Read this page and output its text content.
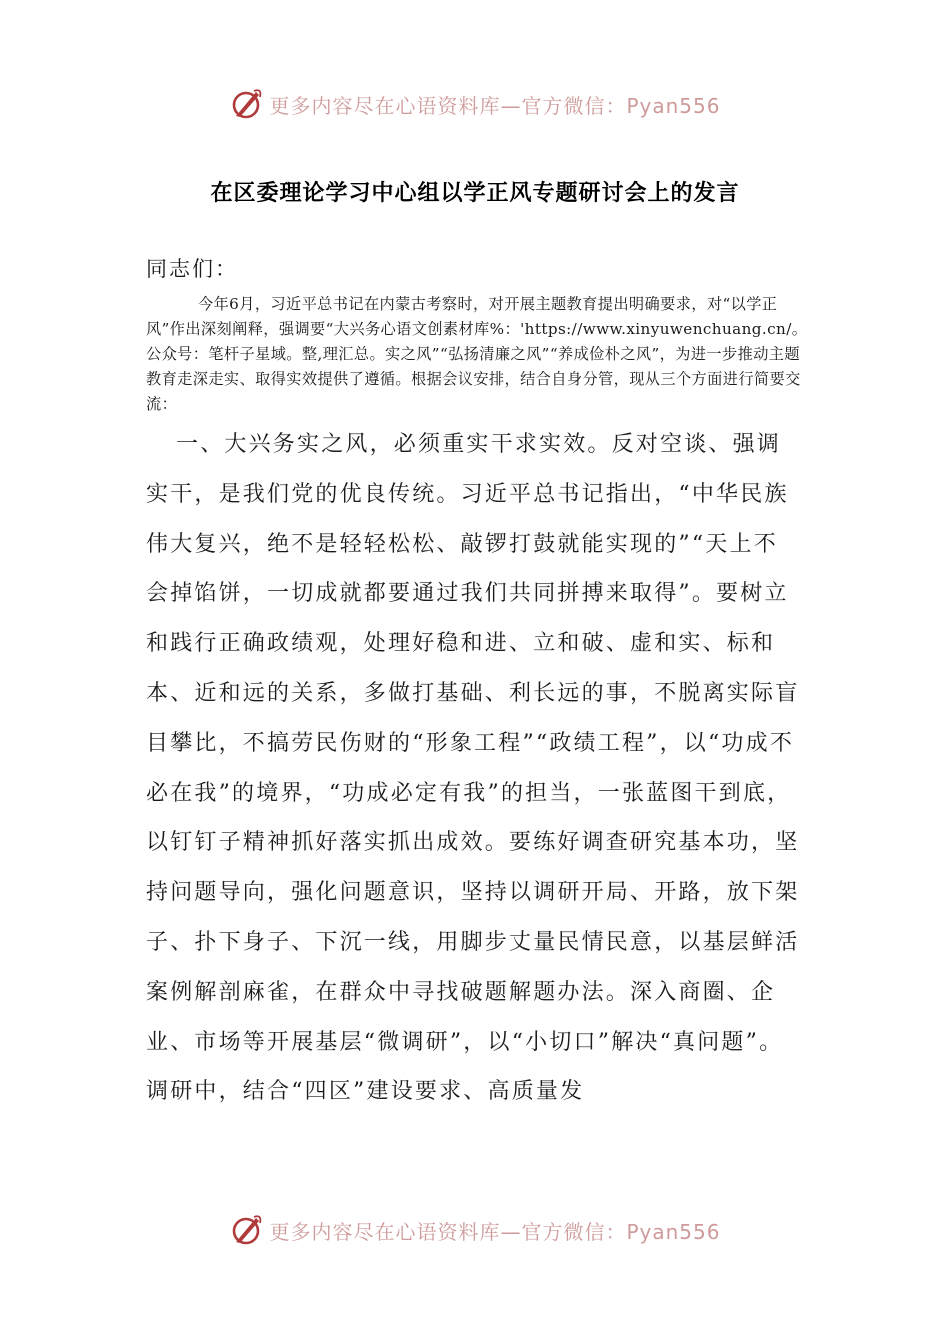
更多内容尽在心语资料库—官方微信：Pyan556
在区委理论学习中心组以学正风专题研讨会上的发言

同志们：

今年6月，习近平总书记在内蒙古考察时，对开展主题教育提出明确要求，对“以学正风”作出深刻阐释，强调要“大兴务心语文创素材库%：'https://www.xinyuwenchuang.cn/。公众号：笔杆子星域。整,理汇总。实之风”“弘扬清廉之风”“养成俭朴之风”，为进一步推动主题教育走深走实、取得实效提供了遵循。根据会议安排，结合自身分管，现从三个方面进行简要交流：

一、大兴务实之风，必须重实干求实效。反对空谈、强调实干，是我们党的优良传统。习近平总书记指出，“中华民族伟大复兴，绝不是轻轻松松、敲锣打鼓就能实现的”“天上不会掉馅饼，一切成就都要通过我们共同拼搏来取得”。要树立和践行正确政绩观，处理好稳和进、立和破、虚和实、标和本、近和远的关系，多做打基础、利长远的事，不脱离实际盲目攀比，不搞劳民伤财的“形象工程”“政绩工程”，以“功成不必在我”的境界，“功成必定有我”的担当，一张蓝图干到底，以钉钉子精神抓好落实抓出成效。要练好调查研究基本功，坚持问题导向，强化问题意识，坚持以调研开局、开路，放下架子、扑下身子、下沉一线，用脚步丈量民情民意，以基层鲜活案例解剖麻雀，在群众中寻找破题解题办法。深入商圈、企业、市场等开展基层“微调研”，以“小切口”解决“真问题”。调研中，结合“四区”建设要求、高质量发

更多内容尽在心语资料库—官方微信：Pyan556
